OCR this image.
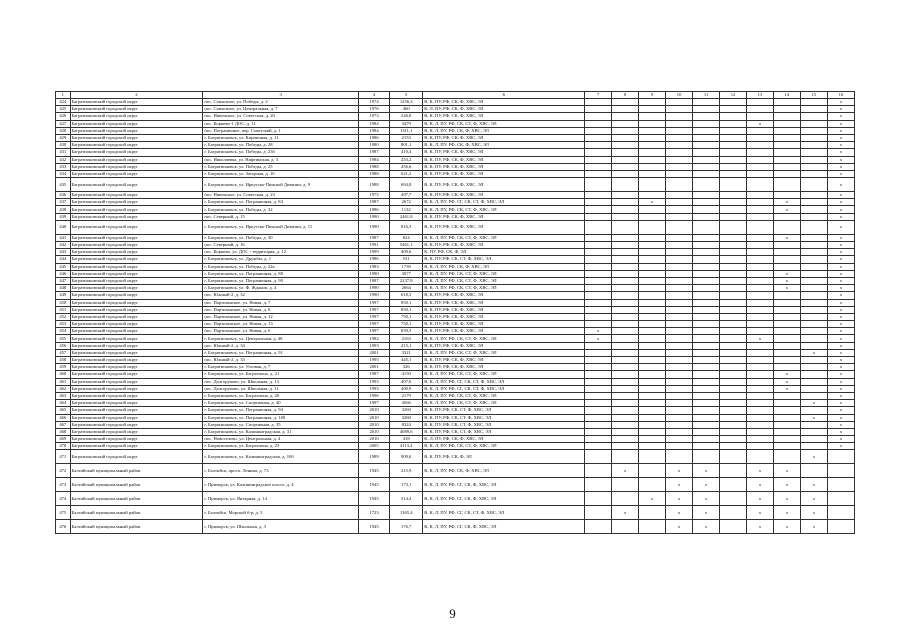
1	2	3	4	5	6	7	8	9	10	11	12	13	14	15	16
424	Багратионовский городской округ	пос. Совхозное, ул. Победы, д. 2	1974	1256,3	В, К, ПУ, РФ, СК, Ф, ХВС, ЭЛ										х
425	Багратионовский городской округ	пос. Совхозное, ул. Центральная, д. 7	1976	460	К, Л, ПУ, РФ, СК, Ф, ХВС, ЭЛ										х
426	Багратионовский городской округ	пос. Нивенское, ул. Советская, д. 20	1973	226,8	В, К, ПУ, РФ, СК, Ф, ХВС, ЭЛ										х
427	Багратионовский городской округ	пос. Корнево-1 ДОС, д. 11	1984	3479	В, К, Л, ПУ, РФ, СК, СТ, Ф, ХВС, ЭЛ							х			х
428	Багратионовский городской округ	пос. Пограничное, пер. Советский, д. 1	1984	1311,1	В, К, Л, ПУ, РФ, СК, Ф, ХВС, ЭЛ										х
429	Багратионовский городской округ	г. Багратионовск, ул. Кирпичная, д. 11	1986	2153	В, К, ПУ, РФ, СК, Ф, ХВС, ЭЛ										х
430	Багратионовский городской округ	г. Багратионовск, ул. Победы, д. 28	1980	801,1	В, К, Л, ПУ, РФ, СК, Ф, ХВС, ЭЛ										х
431	Багратионовский городской округ	г. Багратионовск, ул. Победы, д. 23б	1987	410,4	В, К, ПУ, РФ, СК, Ф, ХВС, ЭЛ										х
432	Багратионовский городской округ	пос. Николаевка, ул. Нафтинская, д. 3	1984	253,2	В, К, ПУ, РФ, СК, Ф, ХВС, ЭЛ										х
433	Багратионовский городской округ	г. Багратионовск, ул. Победы, д. 25	1988	456,6	В, К, ПУ, РФ, СК, Ф, ХВС, ЭЛ										х
434	Багратионовский городской округ	г. Багратионовск, ул. Заторная, д. 10	1988	621,2	В, К, ПУ, РФ, СК, Ф, ХВС, ЭЛ										х
435	Багратионовский городской округ	г. Багратионовск, ул. Иркутско-Пинской Дивизии, д. 9	1988	694,8	В, К, ПУ, РФ, СК, Ф, ХВС, ЭЛ										х
436	Багратионовский городской округ	пос. Нивенское, ул. Советская, д. 23	1975	497,7	В, К, ПУ, РФ, СК, Ф, ХВС, ЭЛ										х
437	Багратионовский городской округ	г. Багратионовск, ул. Пограничная, д. 84	1987	2672	В, К, Л, ПУ, РФ, СГ, СК, СТ, Ф, ХВС, ЭЛ			х					х		х
438	Багратионовский городской округ	г. Багратионовск, ул. Победы, д. 32	1986	1132	В, К, Л, ПУ, РФ, СК, СТ, Ф, ХВС, ЭЛ								х		х
439	Багратионовский городской округ	пос. Северный, д. 15	1990	2461,8	В, К, ПУ, РФ, СК, Ф, ХВС, ЭЛ										х
440	Багратионовский городской округ	г. Багратионовск, ул. Иркутско-Пинской Дивизии, д. 11	1990	816,3	В, К, ПУ, РФ, СК, Ф, ХВС, ЭЛ										х
441	Багратионовский городской округ	г. Багратионовск, ул. Победы, д. 30	1987	824	В, К, Л, ПУ, РФ, СК, СТ, Ф, ХВС, ЭЛ								х		х
442	Багратионовский городской округ	пос. Северный, д. 16	1991	5461,1	В, К, ПУ, РФ, СК, Ф, ХВС, ЭЛ										х
443	Багратионовский городской округ	пос. Корнево, ул. ДОС - территория, д. 12	1999	409,6	К, ПУ, РФ, СК, Ф, ЭЛ										х
444	Багратионовский городской округ	г. Багратионовск, ул. Дружбы, д. 1	1986	531	В, К, ПУ, РФ, СК, СТ, Ф, ХВС, ЭЛ										х
445	Багратионовский городской округ	г. Багратионовск, ул. Победы, д. 22а	1983	1739	В, К, Л, ПУ, РФ, СК, Ф, ХВС, ЭЛ										х
446	Багратионовский городской округ	г. Багратионовск, ул. Пограничная, д. 88	1990	3077	В, К, Л, ПУ, РФ, СК, СТ, Ф, ХВС, ЭЛ								х		х
447	Багратионовский городской округ	г. Багратионовск, ул. Пограничная, д. 90	1987	2237,8	В, К, Л, ПУ, РФ, СК, СТ, Ф, ХВС, ЭЛ								х		х
448	Багратионовский городской округ	г. Багратионовск, ул. Ф. Жданов, д. 4	1990	2664	В, К, Л, ПУ, РФ, СК, СТ, Ф, ХВС, ЭЛ								х		х
449	Багратионовский городской округ	пос. Южный-2, д. 32	1990	618,3	В, К, ПУ, РФ, СК, Ф, ХВС, ЭЛ										х
450	Багратионовский городской округ	пос. Партизанское, ул. Новая, д. 7	1997	850,1	В, К, ПУ, РФ, СК, Ф, ХВС, ЭЛ										х
451	Багратионовский городской округ	пос. Партизанское, ул. Новая, д. 8	1997	850,1	В, К, ПУ, РФ, СК, Ф, ХВС, ЭЛ										х
452	Багратионовский городской округ	пос. Партизанское, ул. Новая, д. 12	1997	750,1	В, К, ПУ, РФ, СК, Ф, ХВС, ЭЛ										х
453	Багратионовский городской округ	пос. Партизанское, ул. Новая, д. 13	1997	750,1	В, К, ПУ, РФ, СК, Ф, ХВС, ЭЛ										х
454	Багратионовский городской округ	пос. Партизанское, ул. Новая, д. 6	1997	839,3	В, К, ПУ, РФ, СК, Ф, ХВС, ЭЛ	х									х
455	Багратионовский городской округ	г. Багратионовск, ул. Центральная, д. 48	1982	2163	В, К, Л, ПУ, РФ, СК, СТ, Ф, ХВС, ЭЛ	х						х			х
456	Багратионовский городской округ	пос. Южный-2, д. 34	1993	415,1	В, К, ПУ, РФ, СК, Ф, ХВС, ЭЛ										х
457	Багратионовский городской округ	г. Багратионовск, ул. Пограничная, д. 91	2001	3321	В, К, Л, ПУ, РФ, СК, СТ, Ф, ХВС, ЭЛ									х	х
458	Багратионовский городской округ	пос. Южный-2, д. 33	1995	445,1	В, К, ПУ, РФ, СК, Ф, ХВС, ЭЛ										х
459	Багратионовский городской округ	г. Багратионовск, ул. Угловая, д. 7	2001	326	В, К, ПУ, РФ, СК, Ф, ХВС, ЭЛ										х
460	Багратионовский городской округ	г. Багратионовск, ул. Багратиона, д. 21	1987	4150	В, К, Л, ПУ, РФ, СК, СТ, Ф, ХВС, ЭЛ								х		х
461	Багратионовский городской округ	пос. Долгоруково, ул. Школьная, д. 13	1993	407,6	В, К, Л, ПУ, РФ, СГ, СК, СТ, Ф, ХВС, ЭЛ								х		х
462	Багратионовский городской округ	пос. Долгоруково, ул. Школьная, д. 11	1993	400,9	В, К, Л, ПУ, РФ, СГ, СК, СТ, Ф, ХВС, ЭЛ								х		х
463	Багратионовский городской округ	г. Багратионовск, ул. Багратиона, д. 26	1996	2179	В, К, Л, ПУ, РФ, СК, СТ, Ф, ХВС, ЭЛ										х
464	Багратионовский городской округ	г. Багратионовск, ул. Спортивная, д. 40	1997	4566	В, К, Л, ПУ, РФ, СК, СТ, Ф, ХВС, ЭЛ									х	х
465	Багратионовский городской округ	г. Багратионовск, ул. Пограничная, д. 94	2010	3260	В, К, ПУ, РФ, СК, СТ, Ф, ХВС, ЭЛ										х
466	Багратионовский городской округ	г. Багратионовск, ул. Пограничная, д. 100	2010	3260	В, К, ПУ, РФ, СК, СТ, Ф, ХВС, ЭЛ									х	х
467	Багратионовский городской округ	г. Багратионовск, ул. Спортивная, д. 35	2010	8324	В, К, ПУ, РФ, СК, СТ, Ф, ХВС, ЭЛ										х
468	Багратионовский городской округ	г. Багратионовск, ул. Калининградская, д. 31	2010	4089,6	В, К, ПУ, РФ, СК, СТ, Ф, ХВС, ЭЛ										х
469	Багратионовский городской округ	пос. Новоселово, ул. Центральная, д. 4	2010	418	К, Л, ПУ, РФ, СК, Ф, ХВС, ЭЛ										х
470	Багратионовский городской округ	г. Багратионовск, ул. Багратиона, д. 23	2005	4113,2	В, К, Л, ПУ, РФ, СК, СТ, Ф, ХВС, ЭЛ										х
471	Багратионовский городской округ	г. Багратионовск, ул. Калининградская, д. 10б	1989	909,6	В, К, ПУ, РФ, СК, Ф, ЭЛ									х	
472	Балтийский муниципальный район	г. Балтийск, просп. Ленина, д. 73	1945	215,9	В, К, Л, ПУ, РФ, СК, Ф, ХВС, ЭЛ		х		х	х		х	х		
473	Балтийский муниципальный район	г. Приморск, ул. Калининградское шоссе, д. 4	1945	173,1	В, К, Л, ПУ, РФ, СГ, СК, Ф, ХВС, ЭЛ				х	х		х	х	х	
474	Балтийский муниципальный район	г. Приморск, ул. Янтарная, д. 14	1945	314,4	В, К, Л, ПУ, РФ, СГ, СК, Ф, ХВС, ЭЛ			х	х	х		х	х	х	
475	Балтийский муниципальный район	г. Балтийск, Морской б-р, д. 5	1723	1365,4	В, К, Л, ПУ, РФ, СГ, СК, СТ, Ф, ХВС, ЭЛ		х		х	х		х	х	х	
476	Балтийский муниципальный район	г. Приморск, ул. Школьная, д. 3	1945	176,7	В, К, Л, ПУ, РФ, СГ, СК, Ф, ХВС, ЭЛ				х	х		х	х	х	
9
